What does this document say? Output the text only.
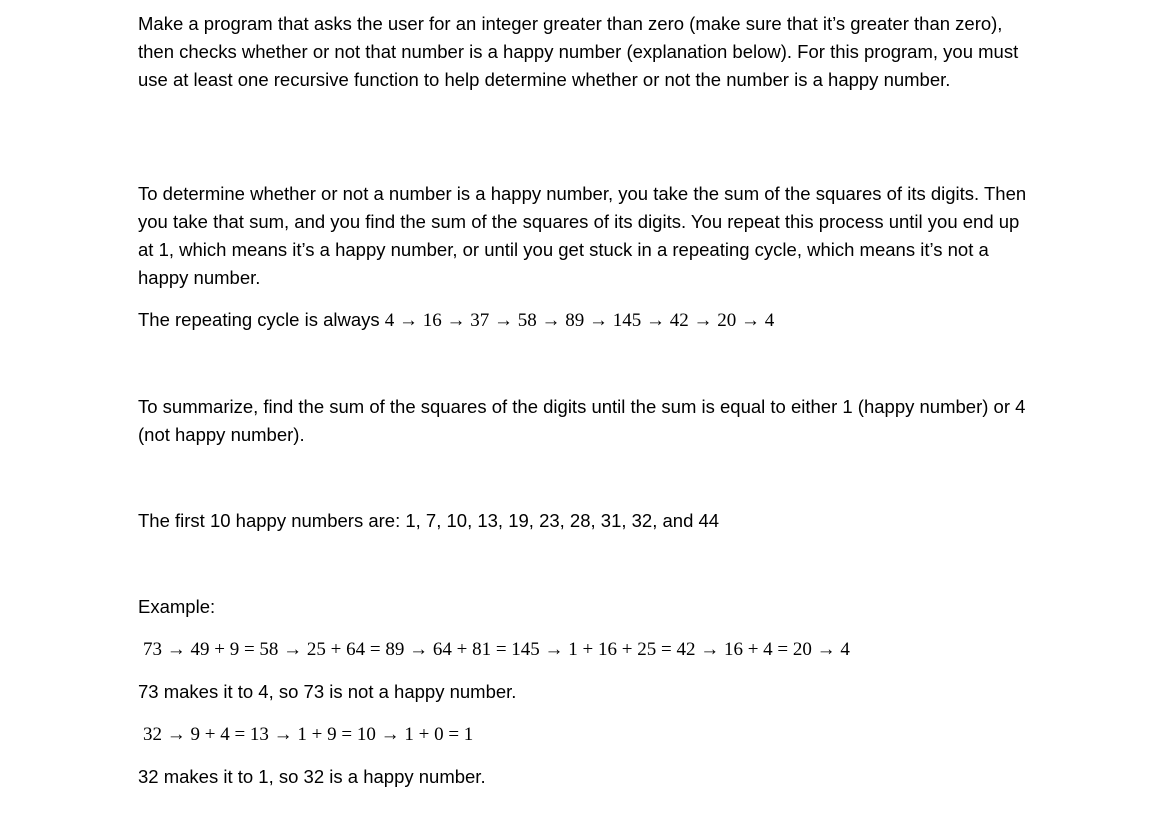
Make a program that asks the user for an integer greater than zero (make sure that it’s greater than zero), then checks whether or not that number is a happy number (explanation below). For this program, you must use at least one recursive function to help determine whether or not the number is a happy number.
To determine whether or not a number is a happy number, you take the sum of the squares of its digits. Then you take that sum, and you find the sum of the squares of its digits. You repeat this process until you end up at 1, which means it’s a happy number, or until you get stuck in a repeating cycle, which means it’s not a happy number.
The repeating cycle is always 4 → 16 → 37 → 58 → 89 → 145 → 42 → 20 → 4
To summarize, find the sum of the squares of the digits until the sum is equal to either 1 (happy number) or 4 (not happy number).
The first 10 happy numbers are: 1, 7, 10, 13, 19, 23, 28, 31, 32, and 44
Example:
73 → 49 + 9 = 58 → 25 + 64 = 89 → 64 + 81 = 145 → 1 + 16 + 25 = 42 → 16 + 4 = 20 → 4
73 makes it to 4, so 73 is not a happy number.
32 → 9 + 4 = 13 → 1 + 9 = 10 → 1 + 0 = 1
32 makes it to 1, so 32 is a happy number.
